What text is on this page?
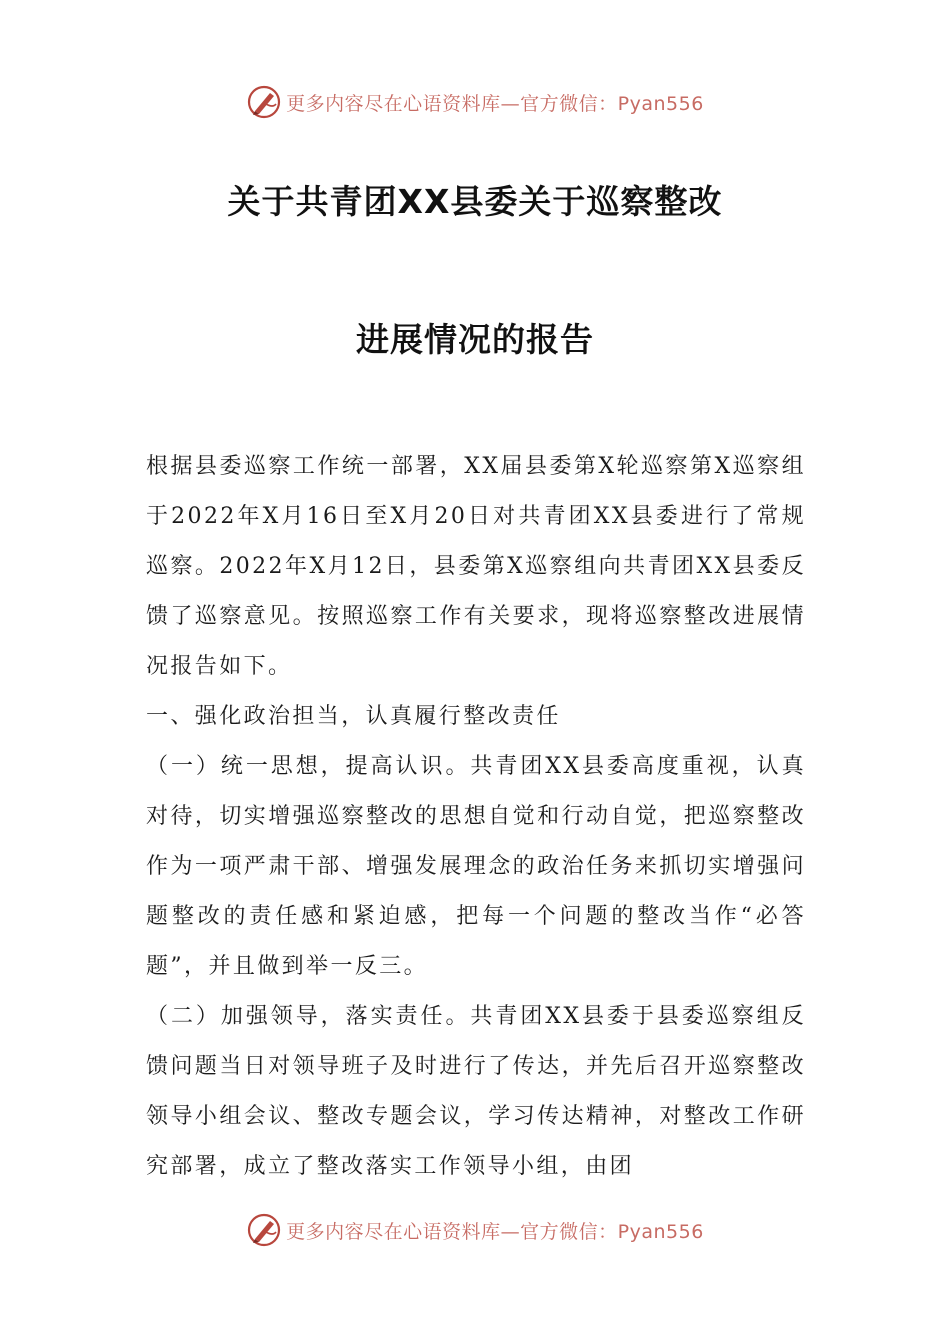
更多内容尽在心语资料库—官方微信：Pyan556
关于共青团XX县委关于巡察整改
进展情况的报告

根据县委巡察工作统一部署，XX届县委第X轮巡察第X巡察组于2022年X月16日至X月20日对共青团XX县委进行了常规巡察。2022年X月12日，县委第X巡察组向共青团XX县委反馈了巡察意见。按照巡察工作有关要求，现将巡察整改进展情况报告如下。

一、强化政治担当，认真履行整改责任

（一）统一思想，提高认识。共青团XX县委高度重视，认真对待，切实增强巡察整改的思想自觉和行动自觉，把巡察整改作为一项严肃干部、增强发展理念的政治任务来抓切实增强问题整改的责任感和紧迫感，把每一个问题的整改当作“必答题”，并且做到举一反三。

（二）加强领导，落实责任。共青团XX县委于县委巡察组反馈问题当日对领导班子及时进行了传达，并先后召开巡察整改领导小组会议、整改专题会议，学习传达精神，对整改工作研究部署，成立了整改落实工作领导小组，由团

更多内容尽在心语资料库—官方微信：Pyan556
